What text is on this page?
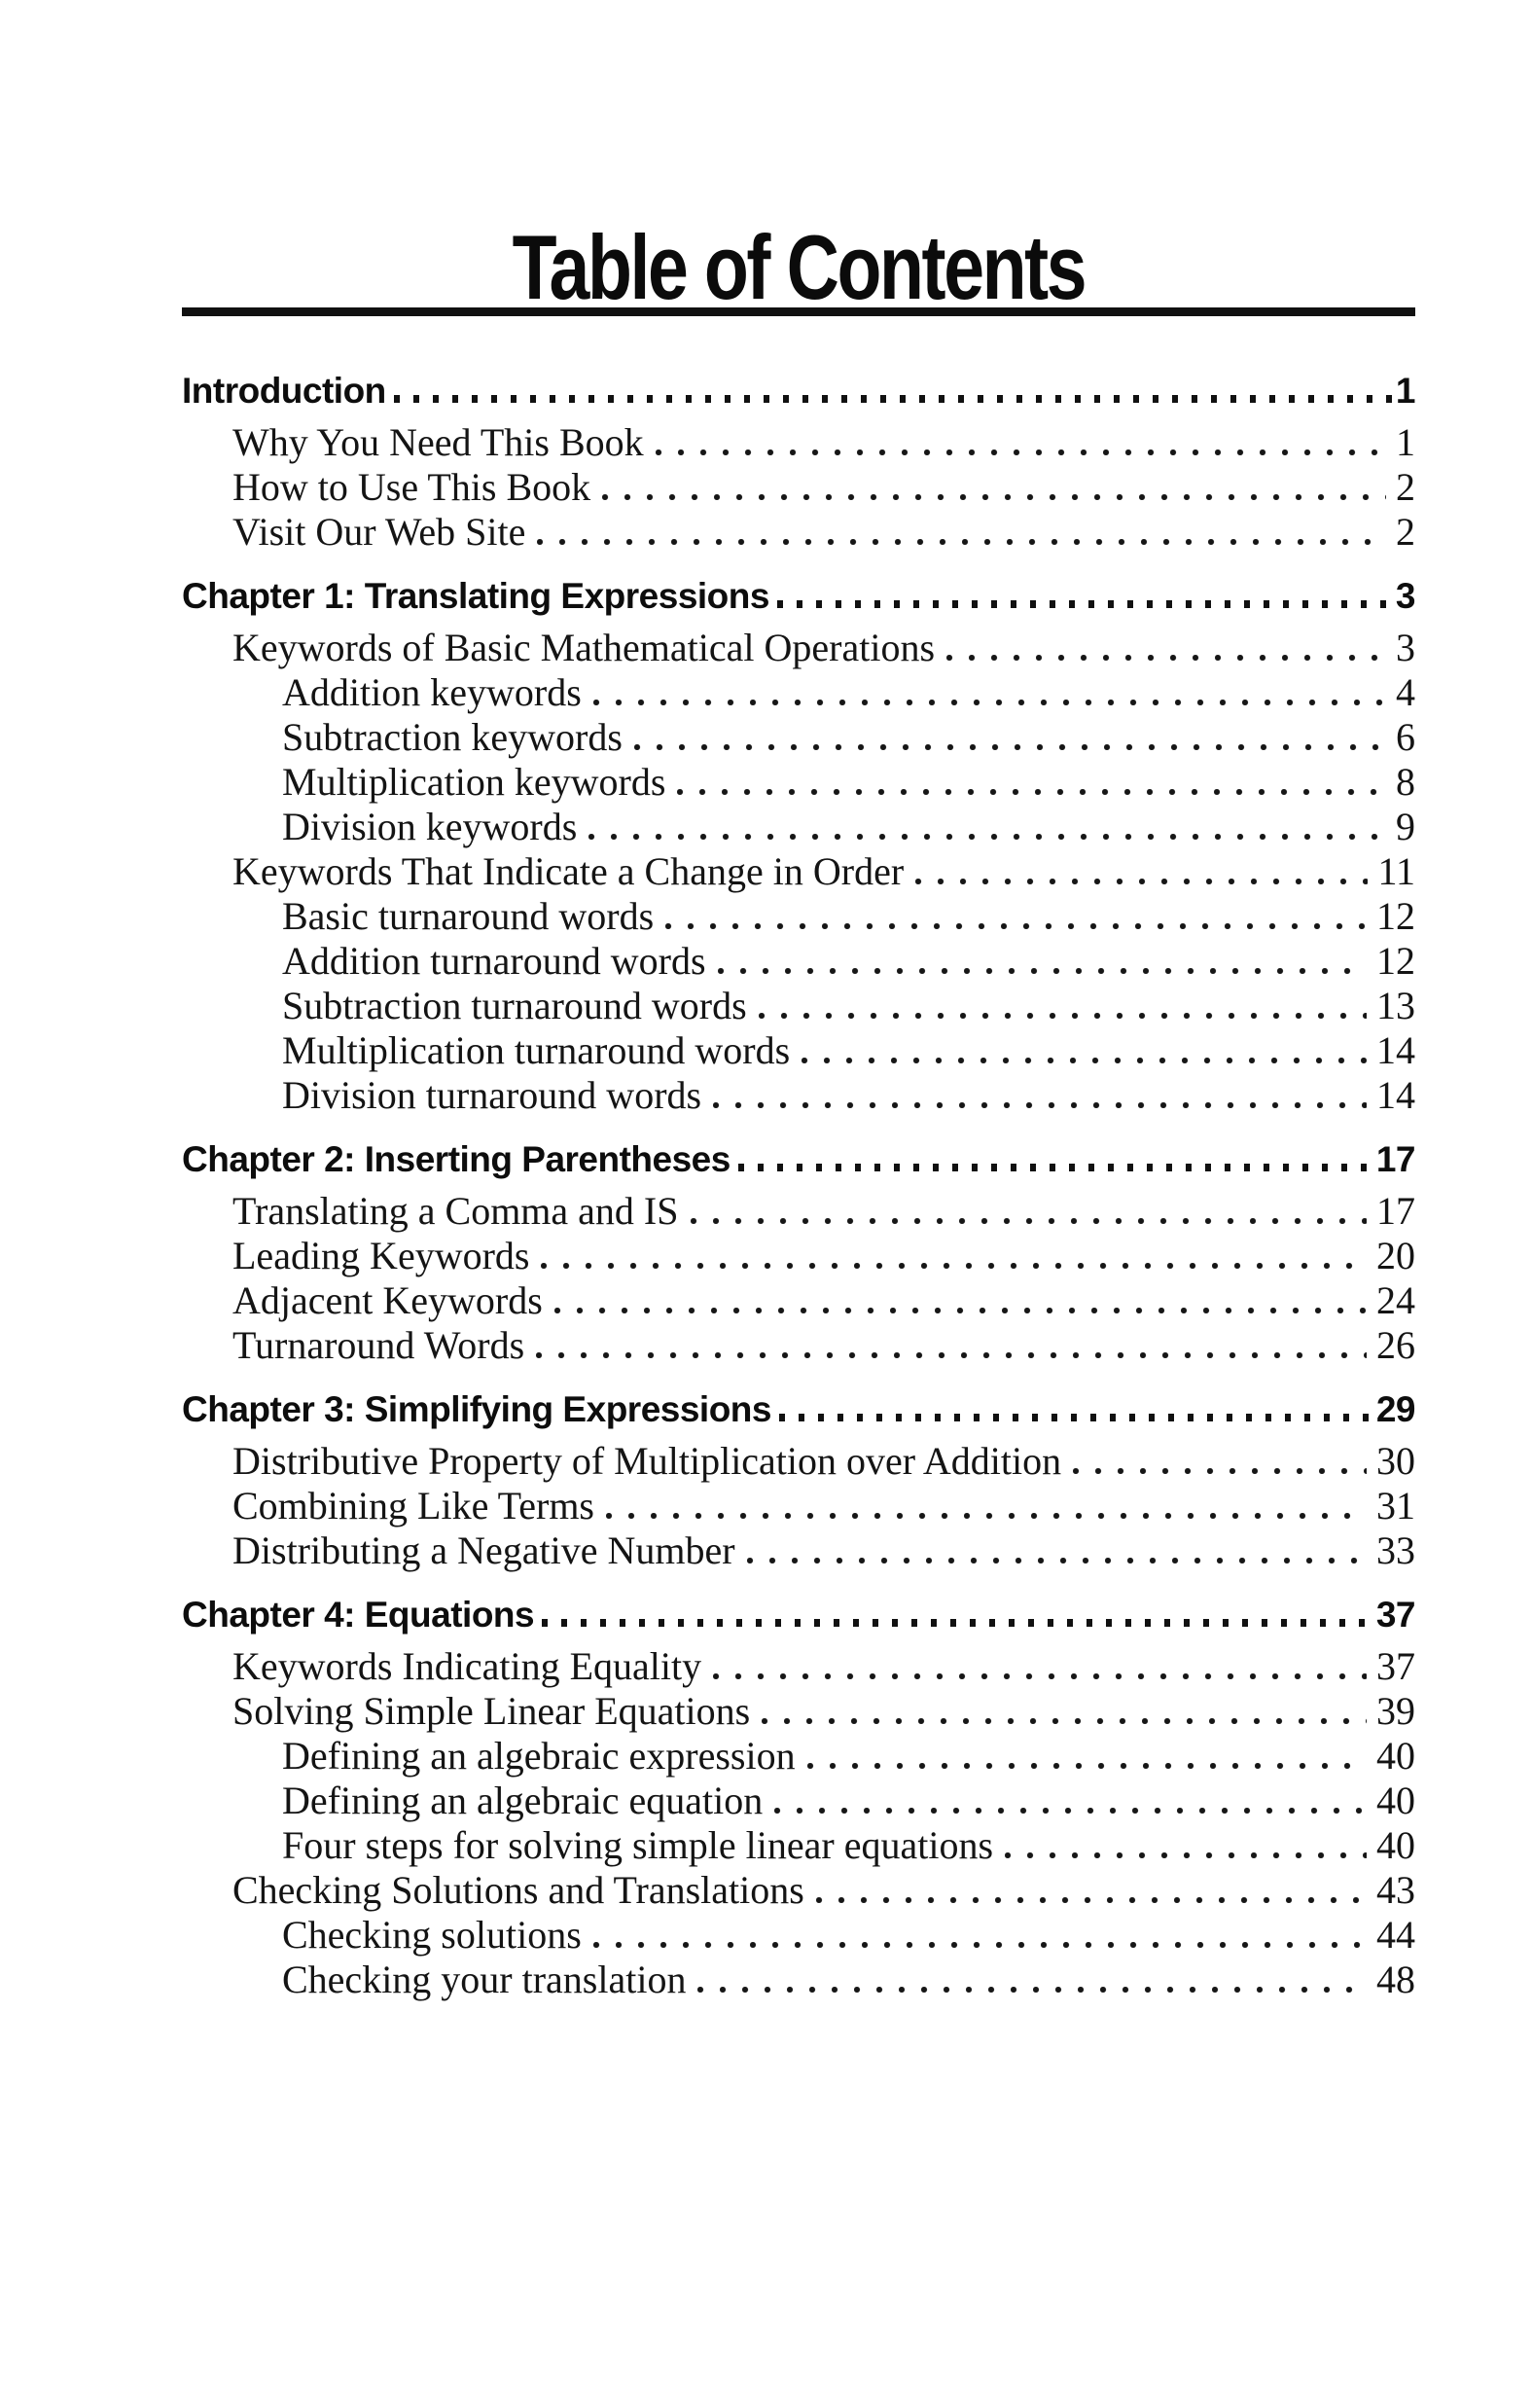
Table of Contents
Introduction	1
Why You Need This Book	1
How to Use This Book	2
Visit Our Web Site	2
Chapter 1: Translating Expressions	3
Keywords of Basic Mathematical Operations	3
Addition keywords	4
Subtraction keywords	6
Multiplication keywords	8
Division keywords	9
Keywords That Indicate a Change in Order	11
Basic turnaround words	12
Addition turnaround words	12
Subtraction turnaround words	13
Multiplication turnaround words	14
Division turnaround words	14
Chapter 2: Inserting Parentheses	17
Translating a Comma and IS	17
Leading Keywords	20
Adjacent Keywords	24
Turnaround Words	26
Chapter 3: Simplifying Expressions	29
Distributive Property of Multiplication over Addition	30
Combining Like Terms	31
Distributing a Negative Number	33
Chapter 4: Equations	37
Keywords Indicating Equality	37
Solving Simple Linear Equations	39
Defining an algebraic expression	40
Defining an algebraic equation	40
Four steps for solving simple linear equations	40
Checking Solutions and Translations	43
Checking solutions	44
Checking your translation	48
